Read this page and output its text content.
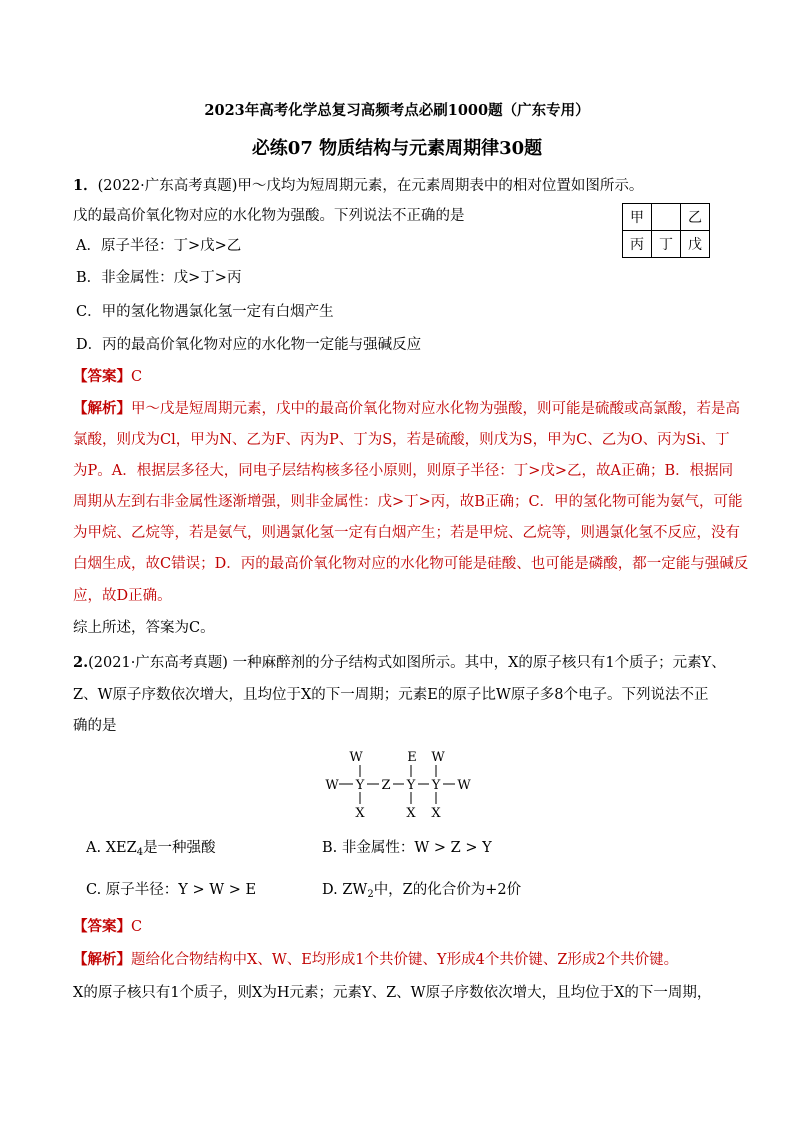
2023年高考化学总复习高频考点必刷1000题（广东专用）
必练07 物质结构与元素周期律30题
1．(2022·广东高考真题)甲～戊均为短周期元素，在元素周期表中的相对位置如图所示。
戊的最高价氧化物对应的水化物为强酸。下列说法不正确的是	甲		乙
丙	丁	戊
A．原子半径：丁>戊>乙
B．非金属性：戊>丁>丙
C．甲的氢化物遇氯化氢一定有白烟产生
D．丙的最高价氧化物对应的水化物一定能与强碱反应
【答案】C
【解析】甲～戊是短周期元素，戊中的最高价氧化物对应水化物为强酸，则可能是硫酸或高氯酸，若是高
氯酸，则戊为Cl，甲为N、乙为F、丙为P、丁为S，若是硫酸，则戊为S，甲为C、乙为O、丙为Si、丁
为P。A．根据层多径大，同电子层结构核多径小原则，则原子半径：丁>戊>乙，故A正确；B．根据同
周期从左到右非金属性逐渐增强，则非金属性：戊>丁>丙，故B正确；C．甲的氢化物可能为氨气，可能
为甲烷、乙烷等，若是氨气，则遇氯化氢一定有白烟产生；若是甲烷、乙烷等，则遇氯化氢不反应，没有
白烟生成，故C错误；D．丙的最高价氧化物对应的水化物可能是硅酸、也可能是磷酸，都一定能与强碱反
应，故D正确。
综上所述，答案为C。
2.(2021·广东高考真题) 一种麻醉剂的分子结构式如图所示。其中，X的原子核只有1个质子；元素Y、
Z、W原子序数依次增大，且均位于X的下一周期；元素E的原子比W原子多8个电子。下列说法不正
确的是
W	E W
W Y Z Y Y W
X	X X
A. $XEZ_4$是一种强酸	B. 非金属性：W > Z > Y
C. 原子半径：Y > W > E	D. $ZW_2$中，Z的化合价为+2价
【答案】C
【解析】题给化合物结构中X、W、E均形成1个共价键、Y形成4个共价键、Z形成2个共价键。
X的原子核只有1个质子，则X为H元素；元素Y、Z、W原子序数依次增大，且均位于X的下一周期，
